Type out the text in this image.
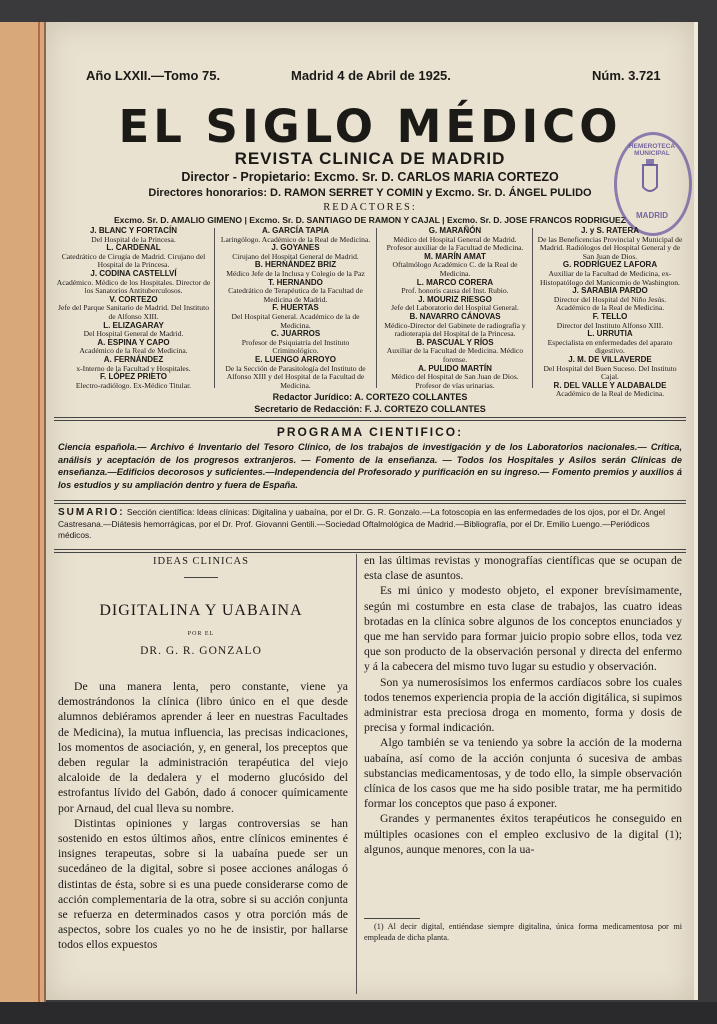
Año LXXII.—Tomo 75.	Madrid 4 de Abril de 1925.	Núm. 3.721
EL SIGLO MÉDICO
REVISTA CLINICA DE MADRID
Director - Propietario: Excmo. Sr. D. CARLOS MARIA CORTEZO
Directores honorarios: D. RAMON SERRET Y COMIN y Excmo. Sr. D. ÁNGEL PULIDO
REDACTORES:
Excmo. Sr. D. AMALIO GIMENO | Excmo. Sr. D. SANTIAGO DE RAMON Y CAJAL | Excmo. Sr. D. JOSE FRANCOS RODRIGUEZ
HEMEROTECA MUNICIPAL
MADRID
J. BLANC Y FORTACÍN
Del Hospital de la Princesa.
L. CARDENAL
Catedrático de Cirugía de Madrid. Cirujano del Hospital de la Princesa.
J. CODINA CASTELLVÍ
Académico. Médico de los Hospitales. Director de los Sanatorios Antituberculosos.
V. CORTEZO
Jefe del Parque Sanitario de Madrid. Del Instituto de Alfonso XIII.
L. ELIZAGARAY
Del Hospital General de Madrid.
A. ESPINA Y CAPO
Académico de la Real de Medicina.
A. FERNÁNDEZ
x-Interno de la Facultad y Hospitales.
F. LÓPEZ PRIETO
Electro-radiólogo. Ex-Médico Titular.
A. GARCÍA TAPIA
Laringólogo. Académico de la Real de Medicina.
J. GOYANES
Cirujano del Hospital General de Madrid.
B. HERNÁNDEZ BRIZ
Médico Jefe de la Inclusa y Colegio de la Paz
T. HERNANDO
Catedrático de Terapéutica de la Facultad de Medicina de Madrid.
F. HUERTAS
Del Hospital General. Académico de la de Medicina.
C. JUARROS
Profesor de Psiquiatría del Instituto Criminológico.
E. LUENGO ARROYO
De la Sección de Parasitología del Instituto de Alfonso XIII y del Hospital de la Facultad de Medicina.
G. MARAÑÓN
Médico del Hospital General de Madrid. Profesor auxiliar de la Facultad de Medicina.
M. MARÍN AMAT
Oftalmólogo Académico C. de la Real de Medicina.
L. MARCO CORERA
Prof. honoris causa del Inst. Rubio.
J. MOURIZ RIESGO
Jefe del Laboratorio del Hospital General.
B. NAVARRO CÁNOVAS
Médico-Director del Gabinete de radiografía y radioterapia del Hospital de la Princesa.
B. PASCUAL Y RÍOS
Auxiliar de la Facultad de Medicina. Médico forense.
A. PULIDO MARTÍN
Médico del Hospital de San Juan de Dios. Profesor de vías urinarias.
J. y S. RATERA
De las Beneficencias Provincial y Municipal de Madrid. Radiólogos del Hospital General y de San Juan de Dios.
G. RODRÍGUEZ LAFORA
Auxiliar de la Facultad de Medicina, ex-Histopatólogo del Manicomio de Washington.
J. SARABIA PARDO
Director del Hospital del Niño Jesús. Académico de la Real de Medicina.
F. TELLO
Director del Instituto Alfonso XIII.
L. URRUTIA
Especialista en enfermedades del aparato digestivo.
J. M. DE VILLAVERDE
Del Hospital del Buen Suceso. Del Instituto Cajal.
R. DEL VALLE Y ALDABALDE
Académico de la Real de Medicina.
Redactor Jurídico: A. CORTEZO COLLANTES
Secretario de Redacción: F. J. CORTEZO COLLANTES
PROGRAMA CIENTIFICO:
Ciencia española.— Archivo é Inventario del Tesoro Clínico, de los trabajos de investigación y de los Laboratorios nacionales.— Crítica, análisis y aceptación de los progresos extranjeros. — Fomento de la enseñanza. — Todos los Hospitales y Asilos serán Clínicas de enseñanza.—Edificios decorosos y suficientes.—Independencia del Profesorado y purificación en su ingreso.— Fomento premios y auxilios á los estudios y su ampliación dentro y fuera de España.
SUMARIO: Sección científica: Ideas clínicas: Digitalina y uabaína, por el Dr. G. R. Gonzalo.—La fotoscopia en las enfermedades de los ojos, por el Dr. Angel Castresana.—Diátesis hemorrágicas, por el Dr. Prof. Giovanni Gentili.—Sociedad Oftalmológica de Madrid.—Bibliografía, por el Dr. Emilio Luengo.—Periódicos médicos.
IDEAS CLINICAS
DIGITALINA Y UABAINA
POR EL
DR. G. R. GONZALO

De una manera lenta, pero constante, viene ya demostrándonos la clínica (libro único en el que desde alumnos debiéramos aprender á leer en nuestras Facultades de Medicina), la mutua influencia, las precisas indicaciones, los momentos de asociación, y, en general, los preceptos que deben regular la administración terapéutica del viejo alcaloide de la dedalera y el moderno glucósido del estrofantus lívido del Gabón, dado á conocer químicamente por Arnaud, del cual lleva su nombre.

Distintas opiniones y largas controversias se han sostenido en estos últimos años, entre clínicos eminentes é insignes terapeutas, sobre si la uabaína puede ser un sucedáneo de la digital, sobre si posee acciones análogas ó distintas de ésta, sobre si es una puede considerarse como de acción complementaria de la otra, sobre si su acción conjunta se refuerza en determinados casos y otra porción más de aspectos, sobre los cuales yo no he de insistir, por hallarse todos ellos expuestos

en las últimas revistas y monografías científicas que se ocupan de esta clase de asuntos.

Es mi único y modesto objeto, el exponer brevísimamente, según mi costumbre en esta clase de trabajos, las cuatro ideas brotadas en la clínica sobre algunos de los conceptos enunciados y que me han servido para formar juicio propio sobre ellos, toda vez que son producto de la observación personal y directa del enfermo y á la cabecera del mismo tuvo lugar su estudio y observación.

Son ya numerosísimos los enfermos cardíacos sobre los cuales todos tenemos experiencia propia de la acción digitálica, si supimos administrar esta preciosa droga en momento, forma y dosis de precisa y formal indicación.

Algo también se va teniendo ya sobre la acción de la moderna uabaína, así como de la acción conjunta ó sucesiva de ambas substancias medicamentosas, y de todo ello, la simple observación clínica de los casos que me ha sido posible tratar, me ha permitido formar los conceptos que paso á exponer.

Grandes y permanentes éxitos terapéuticos he conseguido en múltiples ocasiones con el empleo exclusivo de la digital (1); algunos, aunque menores, con la ua-

(1) Al decir digital, entiéndase siempre digitalina, única forma medicamentosa por mi empleada de dicha planta.
